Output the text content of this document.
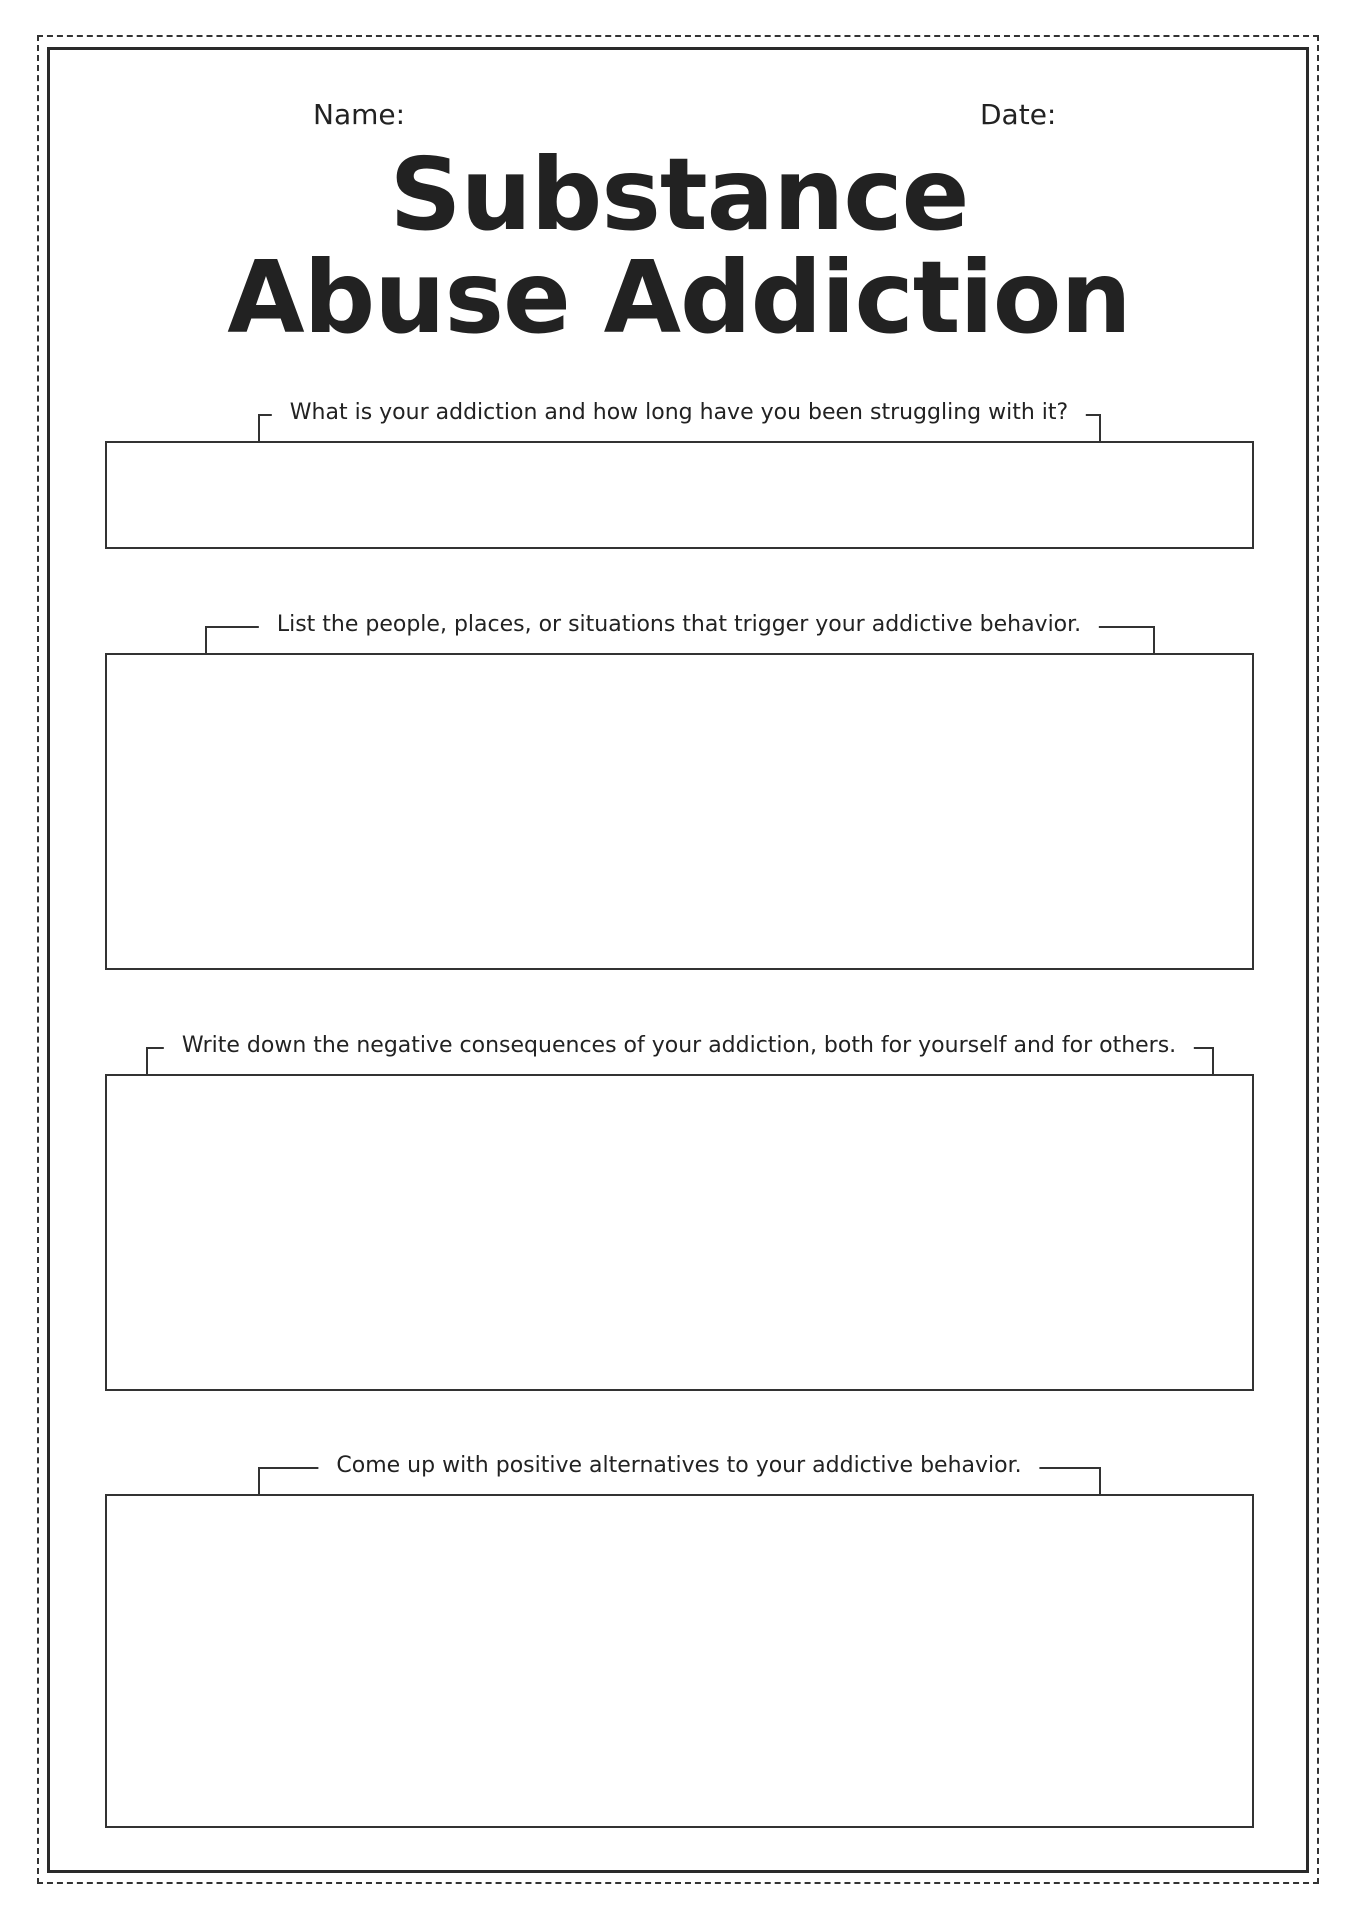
Name:	Date:
Substance
Abuse Addiction
What is your addiction and how long have you been struggling with it?
List the people, places, or situations that trigger your addictive behavior.
Write down the negative consequences of your addiction, both for yourself and for others.
Come up with positive alternatives to your addictive behavior.
